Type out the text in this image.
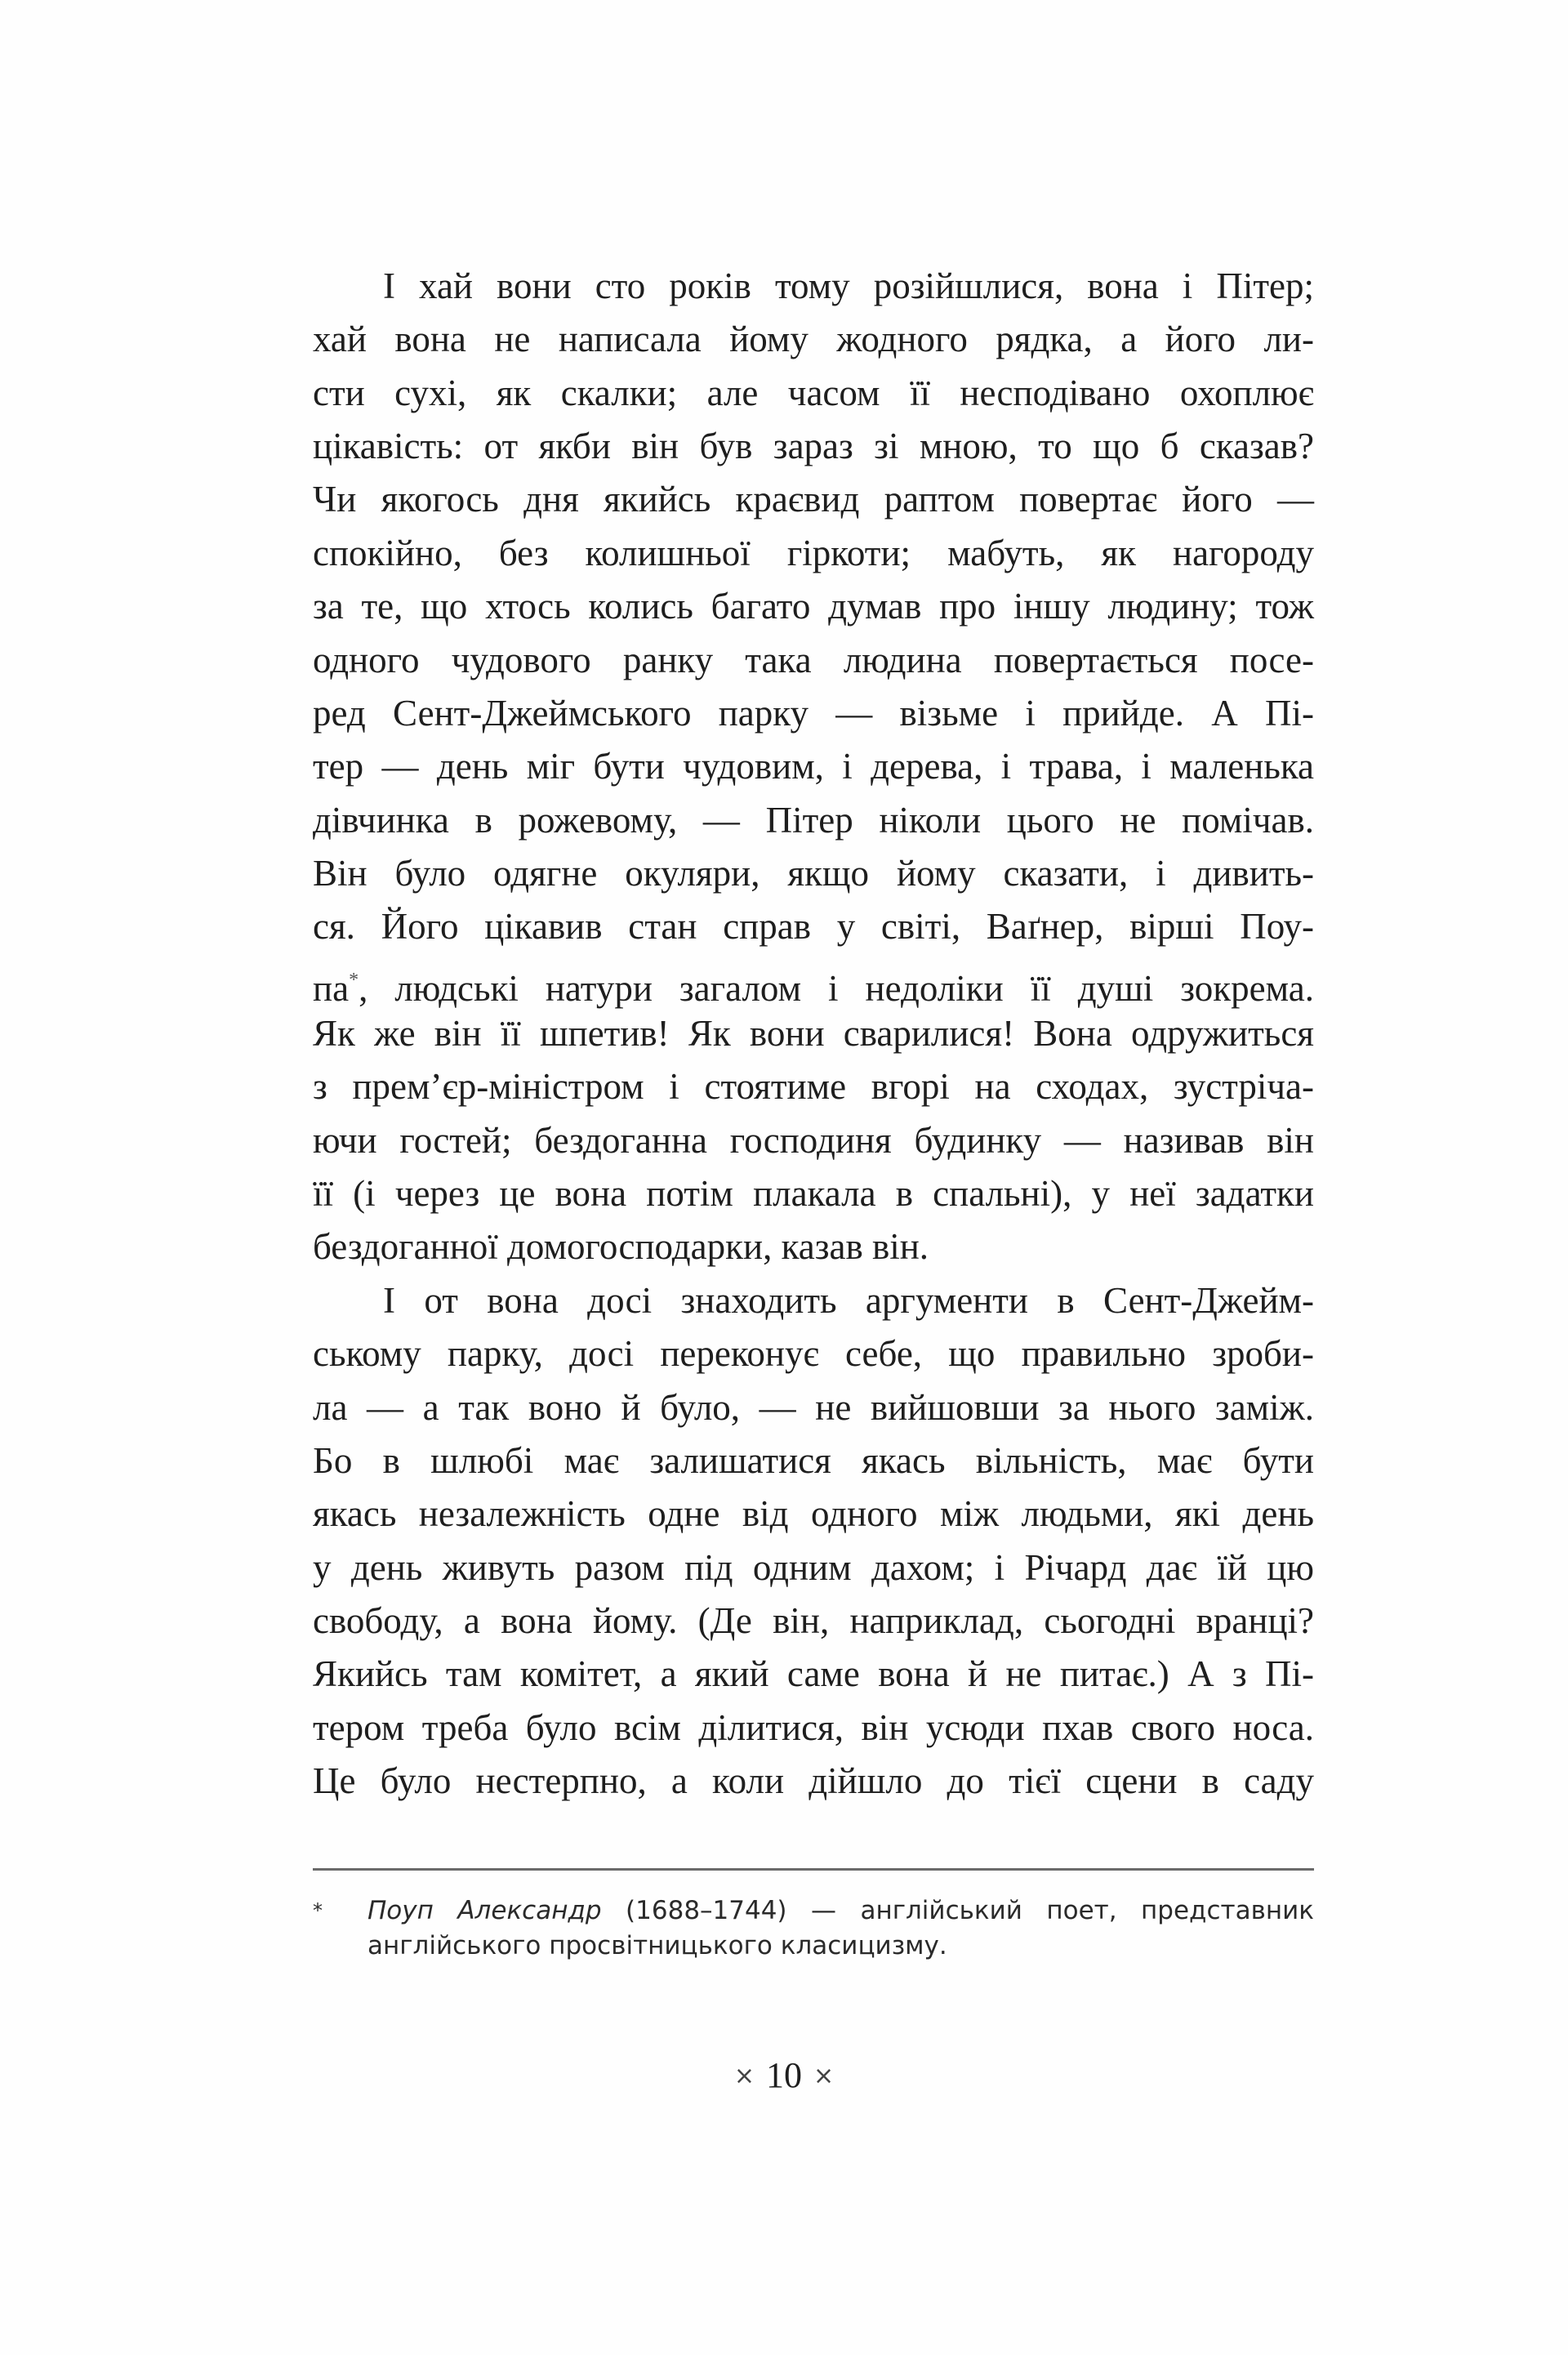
І хай вони сто років тому розійшлися, вона і Пітер;
хай вона не написала йому жодного рядка, а його ли-
сти сухі, як скалки; але часом її несподівано охоплює
цікавість: от якби він був зараз зі мною, то що б сказав?
Чи якогось дня якийсь краєвид раптом повертає його —
спокійно, без колишньої гіркоти; мабуть, як нагороду
за те, що хтось колись багато думав про іншу людину; тож
одного чудового ранку така людина повертається посе-
ред Сент-Джеймського парку — візьме і прийде. А Пі-
тер — день міг бути чудовим, і дерева, і трава, і маленька
дівчинка в рожевому, — Пітер ніколи цього не помічав.
Він було одягне окуляри, якщо йому сказати, і дивить-
ся. Його цікавив стан справ у світі, Ваґнер, вірші Поу-
па*, людські натури загалом і недоліки її душі зокрема.
Як же він її шпетив! Як вони сварилися! Вона одружиться
з прем’єр-міністром і стоятиме вгорі на сходах, зустріча-
ючи гостей; бездоганна господиня будинку — називав він
її (і через це вона потім плакала в спальні), у неї задатки
бездоганної домогосподарки, казав він.
І от вона досі знаходить аргументи в Сент-Джейм-
ському парку, досі переконує себе, що правильно зроби-
ла — а так воно й було, — не вийшовши за нього заміж.
Бо в шлюбі має залишатися якась вільність, має бути
якась незалежність одне від одного між людьми, які день
у день живуть разом під одним дахом; і Річард дає їй цю
свободу, а вона йому. (Де він, наприклад, сьогодні вранці?
Якийсь там комітет, а який саме вона й не питає.) А з Пі-
тером треба було всім ділитися, він усюди пхав свого носа.
Це було нестерпно, а коли дійшло до тієї сцени в саду
*	Поуп Александр (1688–1744) — англійський поет, представник
англійського просвітницького класицизму.
× 10 ×
